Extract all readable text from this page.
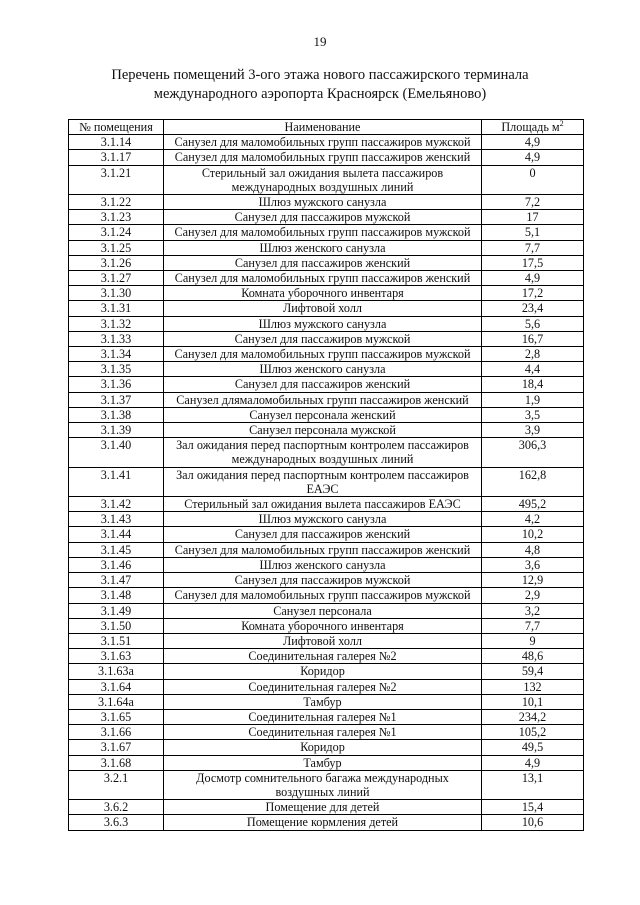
19
Перечень помещений 3-ого этажа нового пассажирского терминала
международного аэропорта Красноярск (Емельяново)
№ помещения	Наименование	Площадь $м^2$
3.1.14	Санузел для маломобильных групп пассажиров мужской	4,9
3.1.17	Санузел для маломобильных групп пассажиров женский	4,9
3.1.21	Стерильный зал ожидания вылета пассажиров международных воздушных линий	0
3.1.22	Шлюз мужского санузла	7,2
3.1.23	Санузел для пассажиров мужской	17
3.1.24	Санузел для маломобильных групп пассажиров мужской	5,1
3.1.25	Шлюз женского санузла	7,7
3.1.26	Санузел для пассажиров женский	17,5
3.1.27	Санузел для маломобильных групп пассажиров женский	4,9
3.1.30	Комната уборочного инвентаря	17,2
3.1.31	Лифтовой холл	23,4
3.1.32	Шлюз мужского санузла	5,6
3.1.33	Санузел для пассажиров мужской	16,7
3.1.34	Санузел для маломобильных групп пассажиров мужской	2,8
3.1.35	Шлюз женского санузла	4,4
3.1.36	Санузел для пассажиров женский	18,4
3.1.37	Санузел длямаломобильных групп пассажиров женский	1,9
3.1.38	Санузел персонала женский	3,5
3.1.39	Санузел персонала мужской	3,9
3.1.40	Зал ожидания перед паспортным контролем пассажиров международных воздушных линий	306,3
3.1.41	Зал ожидания перед паспортным контролем пассажиров ЕАЭС	162,8
3.1.42	Стерильный зал ожидания вылета пассажиров ЕАЭС	495,2
3.1.43	Шлюз мужского санузла	4,2
3.1.44	Санузел для пассажиров женский	10,2
3.1.45	Санузел для маломобильных групп пассажиров женский	4,8
3.1.46	Шлюз женского санузла	3,6
3.1.47	Санузел для пассажиров мужской	12,9
3.1.48	Санузел для маломобильных групп пассажиров мужской	2,9
3.1.49	Санузел персонала	3,2
3.1.50	Комната уборочного инвентаря	7,7
3.1.51	Лифтовой холл	9
3.1.63	Соединительная галерея №2	48,6
3.1.63а	Коридор	59,4
3.1.64	Соединительная галерея №2	132
3.1.64а	Тамбур	10,1
3.1.65	Соединительная галерея №1	234,2
3.1.66	Соединительная галерея №1	105,2
3.1.67	Коридор	49,5
3.1.68	Тамбур	4,9
3.2.1	Досмотр сомнительного багажа международных воздушных линий	13,1
3.6.2	Помещение для детей	15,4
3.6.3	Помещение кормления детей	10,6
